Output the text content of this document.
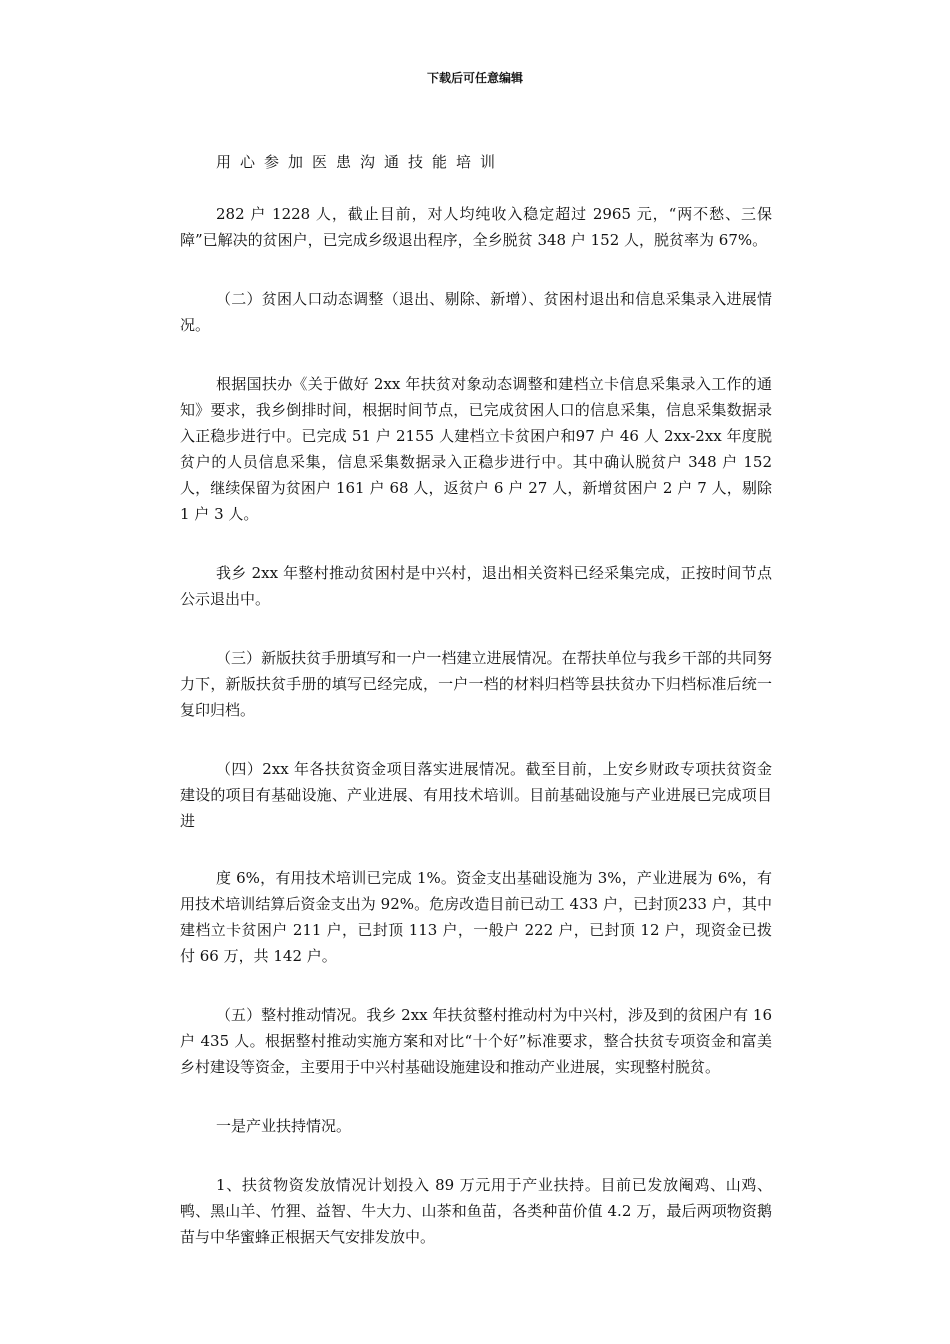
下载后可任意编辑
用心参加医患沟通技能培训

282 户 1228 人，截止目前，对人均纯收入稳定超过 2965 元，“两不愁、三保障”已解决的贫困户，已完成乡级退出程序，全乡脱贫 348 户 152 人，脱贫率为 67%。

（二）贫困人口动态调整（退出、剔除、新增）、贫困村退出和信息采集录入进展情况。

根据国扶办《关于做好 2xx 年扶贫对象动态调整和建档立卡信息采集录入工作的通知》要求，我乡倒排时间，根据时间节点，已完成贫困人口的信息采集，信息采集数据录入正稳步进行中。已完成 51 户 2155 人建档立卡贫困户和97 户 46 人 2xx-2xx 年度脱贫户的人员信息采集，信息采集数据录入正稳步进行中。其中确认脱贫户 348 户 152 人，继续保留为贫困户 161 户 68 人，返贫户 6 户 27 人，新增贫困户 2 户 7 人，剔除 1 户 3 人。

我乡 2xx 年整村推动贫困村是中兴村，退出相关资料已经采集完成，正按时间节点公示退出中。

（三）新版扶贫手册填写和一户一档建立进展情况。在帮扶单位与我乡干部的共同努力下，新版扶贫手册的填写已经完成，一户一档的材料归档等县扶贫办下归档标准后统一复印归档。

（四）2xx 年各扶贫资金项目落实进展情况。截至目前，上安乡财政专项扶贫资金建设的项目有基础设施、产业进展、有用技术培训。目前基础设施与产业进展已完成项目进

度 6%，有用技术培训已完成 1%。资金支出基础设施为 3%，产业进展为 6%，有用技术培训结算后资金支出为 92%。危房改造目前已动工 433 户，已封顶233 户，其中建档立卡贫困户 211 户，已封顶 113 户，一般户 222 户，已封顶 12 户，现资金已拨付 66 万，共 142 户。

（五）整村推动情况。我乡 2xx 年扶贫整村推动村为中兴村，涉及到的贫困户有 16 户 435 人。根据整村推动实施方案和对比“十个好”标准要求，整合扶贫专项资金和富美乡村建设等资金，主要用于中兴村基础设施建设和推动产业进展，实现整村脱贫。

一是产业扶持情况。

1、扶贫物资发放情况计划投入 89 万元用于产业扶持。目前已发放阉鸡、山鸡、鸭、黑山羊、竹狸、益智、牛大力、山茶和鱼苗，各类种苗价值 4.2 万，最后两项物资鹅苗与中华蜜蜂正根据天气安排发放中。
